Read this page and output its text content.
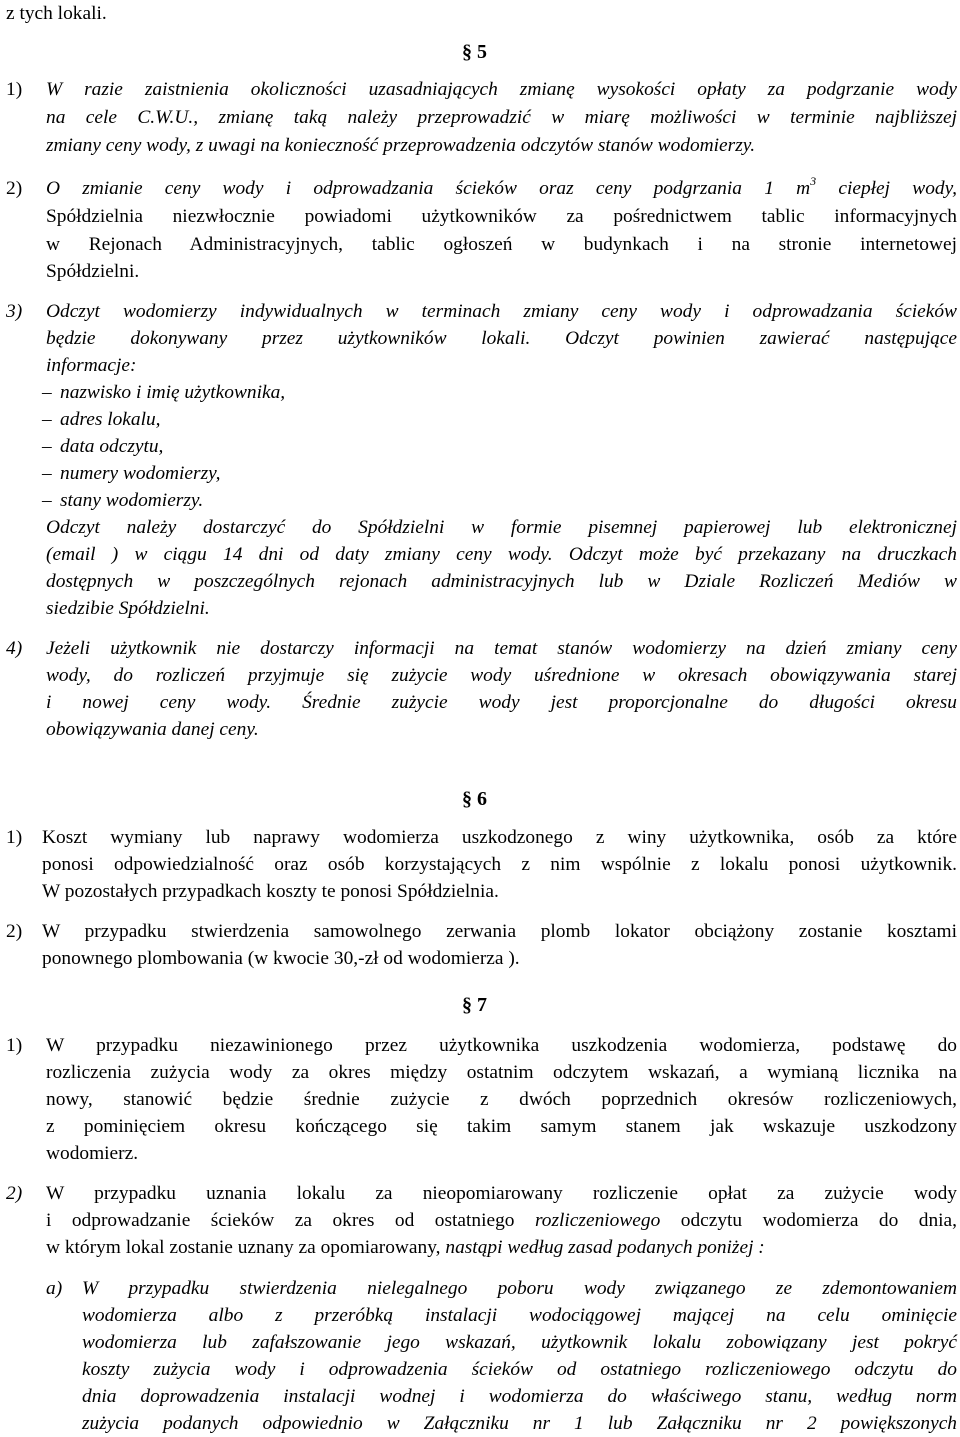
z tych lokali.
§ 5
1) W razie zaistnienia okoliczności uzasadniających zmianę wysokości opłaty za podgrzanie wody
na cele C.W.U., zmianę taką należy przeprowadzić w miarę możliwości w terminie najbliższej
zmiany ceny wody, z uwagi na konieczność przeprowadzenia odczytów stanów wodomierzy.
2) O zmianie ceny wody i odprowadzania ścieków oraz ceny podgrzania 1 $m^3$ ciepłej wody,
Spółdzielnia niezwłocznie powiadomi użytkowników za pośrednictwem tablic informacyjnych
w Rejonach Administracyjnych, tablic ogłoszeń w budynkach i na stronie internetowej
Spółdzielni.
3) Odczyt wodomierzy indywidualnych w terminach zmiany ceny wody i odprowadzania ścieków
będzie dokonywany przez użytkowników lokali. Odczyt powinien zawierać następujące
informacje:
– nazwisko i imię użytkownika,
– adres lokalu,
– data odczytu,
– numery wodomierzy,
– stany wodomierzy.
Odczyt należy dostarczyć do Spółdzielni w formie pisemnej papierowej lub elektronicznej
(email ) w ciągu 14 dni od daty zmiany ceny wody. Odczyt może być przekazany na druczkach
dostępnych w poszczególnych rejonach administracyjnych lub w Dziale Rozliczeń Mediów w
siedzibie Spółdzielni.
4) Jeżeli użytkownik nie dostarczy informacji na temat stanów wodomierzy na dzień zmiany ceny
wody, do rozliczeń przyjmuje się zużycie wody uśrednione w okresach obowiązywania starej
i nowej ceny wody. Średnie zużycie wody jest proporcjonalne do długości okresu
obowiązywania danej ceny.
§ 6
1) Koszt wymiany lub naprawy wodomierza uszkodzonego z winy użytkownika, osób za które
ponosi odpowiedzialność oraz osób korzystających z nim wspólnie z lokalu ponosi użytkownik.
W pozostałych przypadkach koszty te ponosi Spółdzielnia.
2) W przypadku stwierdzenia samowolnego zerwania plomb lokator obciążony zostanie kosztami
ponownego plombowania (w kwocie 30,-zł od wodomierza ).
§ 7
1) W przypadku niezawinionego przez użytkownika uszkodzenia wodomierza, podstawę do
rozliczenia zużycia wody za okres między ostatnim odczytem wskazań, a wymianą licznika na
nowy, stanowić będzie średnie zużycie z dwóch poprzednich okresów rozliczeniowych,
z pominięciem okresu kończącego się takim samym stanem jak wskazuje uszkodzony
wodomierz.
2) W przypadku uznania lokalu za nieopomiarowany rozliczenie opłat za zużycie wody
i odprowadzanie ścieków za okres od ostatniego rozliczeniowego odczytu wodomierza do dnia,
w którym lokal zostanie uznany za opomiarowany, nastąpi według zasad podanych poniżej :
a) W przypadku stwierdzenia nielegalnego poboru wody związanego ze zdemontowaniem
wodomierza albo z przeróbką instalacji wodociągowej mającej na celu ominięcie
wodomierza lub zafałszowanie jego wskazań, użytkownik lokalu zobowiązany jest pokryć
koszty zużycia wody i odprowadzenia ścieków od ostatniego rozliczeniowego odczytu do
dnia doprowadzenia instalacji wodnej i wodomierza do właściwego stanu, według norm
zużycia podanych odpowiednio w Załączniku nr 1 lub Załączniku nr 2 powiększonych
